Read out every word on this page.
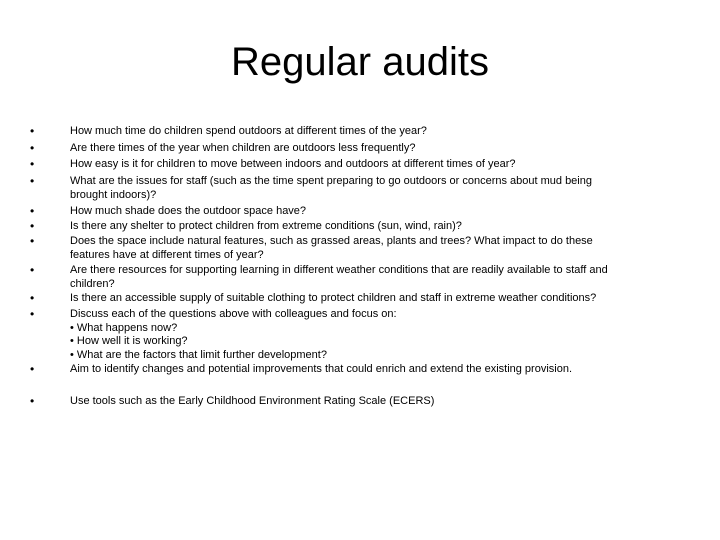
Regular audits
•	How much time do children spend outdoors at different times of the year?
•	Are there times of the year when children are outdoors less frequently?
•	How easy is it for children to move between indoors and outdoors at different times of year?
•	What are the issues for staff (such as the time spent preparing to go outdoors or concerns about mud being
brought indoors)?
•	How much shade does the outdoor space have?
•	Is there any shelter to protect children from extreme conditions (sun, wind, rain)?
•	Does the space include natural features, such as grassed areas, plants and trees? What impact to do these
features have at different times of year?
•	Are there resources for supporting learning in different weather conditions that are readily available to staff and
children?
•	Is there an accessible supply of suitable clothing to protect children and staff in extreme weather conditions?
•	Discuss each of the questions above with colleagues and focus on:
• What happens now?
• How well it is working?
• What are the factors that limit further development?
•	Aim to identify changes and potential improvements that could enrich and extend the existing provision.
•	Use tools such as the Early Childhood Environment Rating Scale (ECERS)
